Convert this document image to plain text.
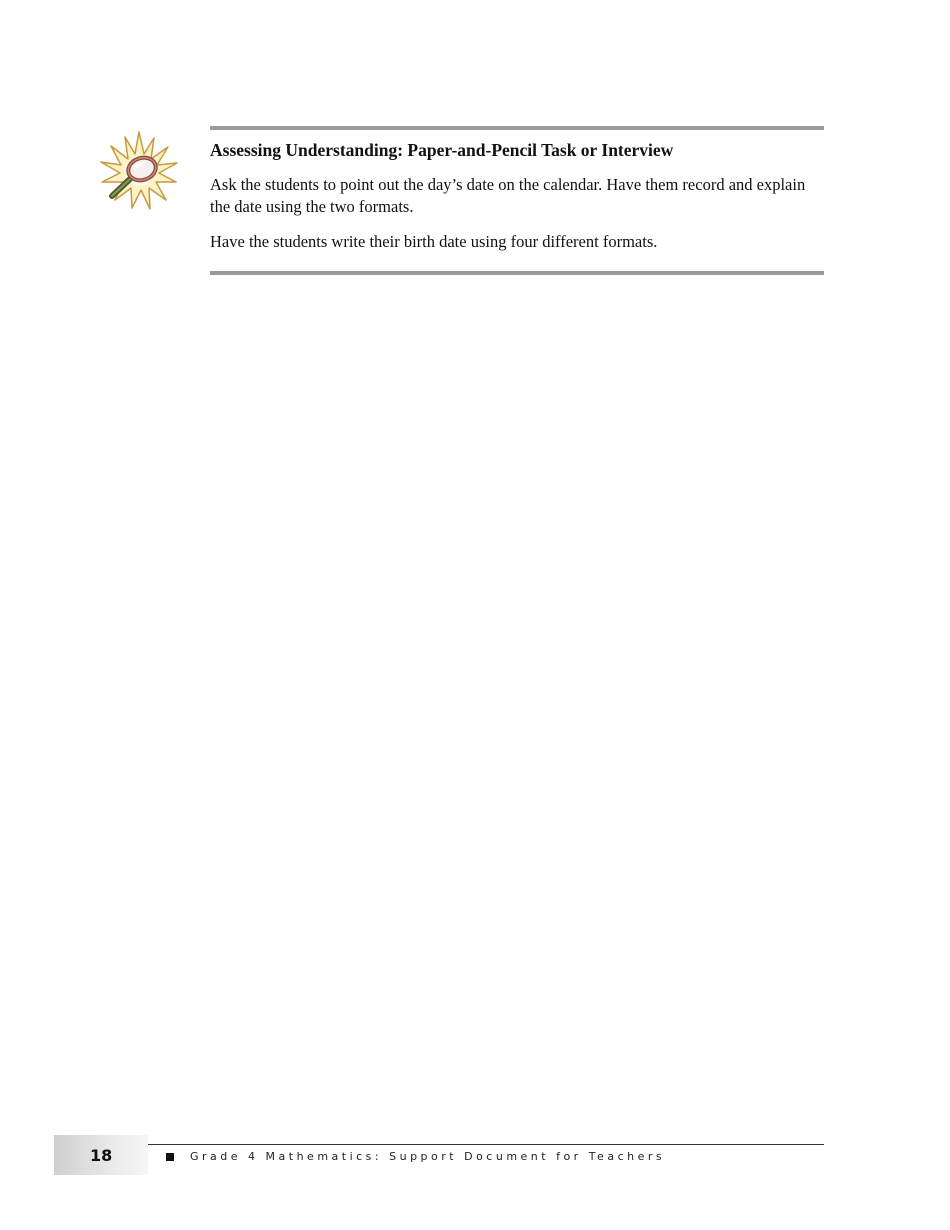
Assessing Understanding: Paper-and-Pencil Task or Interview

Ask the students to point out the day’s date on the calendar. Have them record and explain the date using the two formats.

Have the students write their birth date using four different formats.

18	Grade 4 Mathematics: Support Document for Teachers
